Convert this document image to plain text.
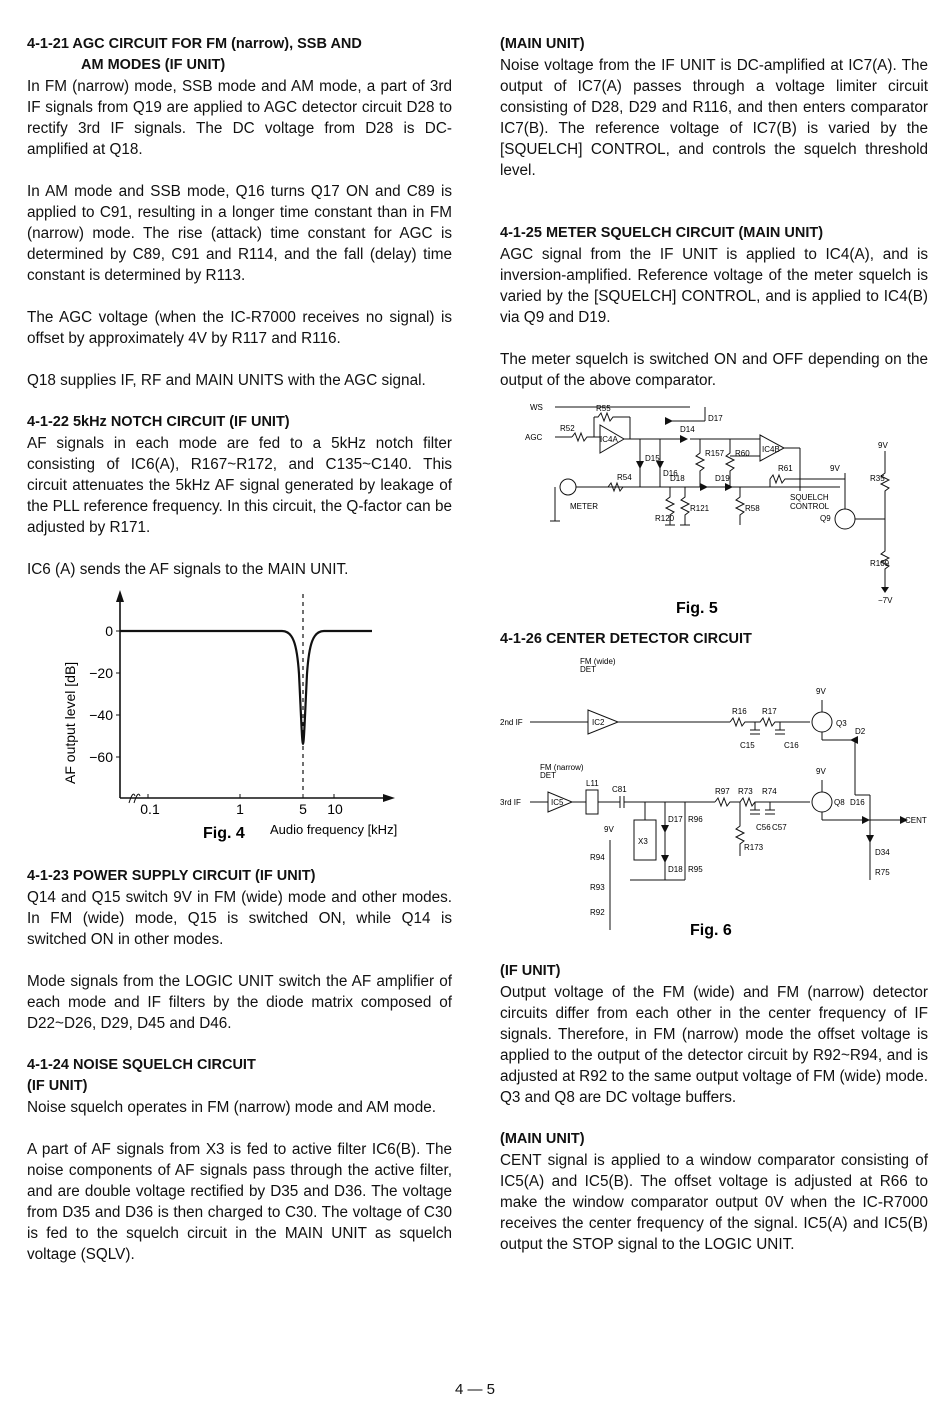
4-1-21 AGC CIRCUIT FOR FM (narrow), SSB AND
AM MODES (IF UNIT)

In FM (narrow) mode, SSB mode and AM mode, a part of 3rd IF signals from Q19 are applied to AGC detector circuit D28 to rectify 3rd IF signals. The DC voltage from D28 is DC-amplified at Q18.

In AM mode and SSB mode, Q16 turns Q17 ON and C89 is applied to C91, resulting in a longer time constant than in FM (narrow) mode. The rise (attack) time constant for AGC is determined by C89, C91 and R114, and the fall (delay) time constant is determined by R113.

The AGC voltage (when the IC-R7000 receives no signal) is offset by approximately 4V by R117 and R116.

Q18 supplies IF, RF and MAIN UNITS with the AGC signal.

4-1-22 5kHz NOTCH CIRCUIT (IF UNIT)

AF signals in each mode are fed to a 5kHz notch filter consisting of IC6(A), R167~R172, and C135~C140. This circuit attenuates the 5kHz AF signal generated by leakage of the PLL reference frequency. In this circuit, the Q-factor can be adjusted by R171.

IC6 (A) sends the AF signals to the MAIN UNIT.

0
−20
−40
−60
0.1	1	5 10
AF output level [dB]
Fig. 4 Audio frequency [kHz]
4-1-23 POWER SUPPLY CIRCUIT (IF UNIT)

Q14 and Q15 switch 9V in FM (wide) mode and other modes. In FM (wide) mode, Q15 is switched ON, while Q14 is switched ON in other modes.

Mode signals from the LOGIC UNIT switch the AF amplifier of each mode and IF filters by the diode matrix composed of D22~D26, D29, D45 and D46.

4-1-24 NOISE SQUELCH CIRCUIT
(IF UNIT)

Noise squelch operates in FM (narrow) mode and AM mode.

A part of AF signals from X3 is fed to active filter IC6(B). The noise components of AF signals pass through the active filter, and are double voltage rectified by D35 and D36. The voltage from D35 and D36 is then charged to C30. The voltage of C30 is fed to the squelch circuit in the MAIN UNIT as squelch voltage (SQLV).

(MAIN UNIT)

Noise voltage from the IF UNIT is DC-amplified at IC7(A). The output of IC7(A) passes through a voltage limiter circuit consisting of D28, D29 and R116, and then enters comparator IC7(B). The reference voltage of IC7(B) is varied by the [SQUELCH] CONTROL, and controls the squelch threshold level.

4-1-25 METER SQUELCH CIRCUIT (MAIN UNIT)

AGC signal from the IF UNIT is applied to IC4(A), and is inversion-amplified. Reference voltage of the meter squelch is varied by the [SQUELCH] CONTROL, and is applied to IC4(B) via Q9 and D19.

The meter squelch is switched ON and OFF depending on the output of the above comparator.

WS
AGC
R52
R55
IC4A
D17
D14
D15
D16
D18
R157 R60 IC4B
D19
R61
R54
R120
R121	R58
METER
SQUELCH
CONTROL
Q9
9V
9V
R35
R109
−7V
Fig. 5
4-1-26 CENTER DETECTOR CIRCUIT
FM (wide)
DET
2nd IF	IC2
R16 R17
C15	C16
9V
Q3
D2
FM (narrow)
DET
3rd IF	IC5
L11
C81	R97 R73 R74
9V
Q8 D16
CENT
D17 R96
X3
D18 R95
R173
C56 C57
D34
R75
9V
R94
R93
R92
Fig. 6
(IF UNIT)

Output voltage of the FM (wide) and FM (narrow) detector circuits differ from each other in the center frequency of IF signals. Therefore, in FM (narrow) mode the offset voltage is applied to the output of the detector circuit by R92~R94, and is adjusted at R92 to the same output voltage of FM (wide) mode. Q3 and Q8 are DC voltage buffers.

(MAIN UNIT)

CENT signal is applied to a window comparator consisting of IC5(A) and IC5(B). The offset voltage is adjusted at R66 to make the window comparator output 0V when the IC-R7000 receives the center frequency of the signal. IC5(A) and IC5(B) output the STOP signal to the LOGIC UNIT.

4 — 5
